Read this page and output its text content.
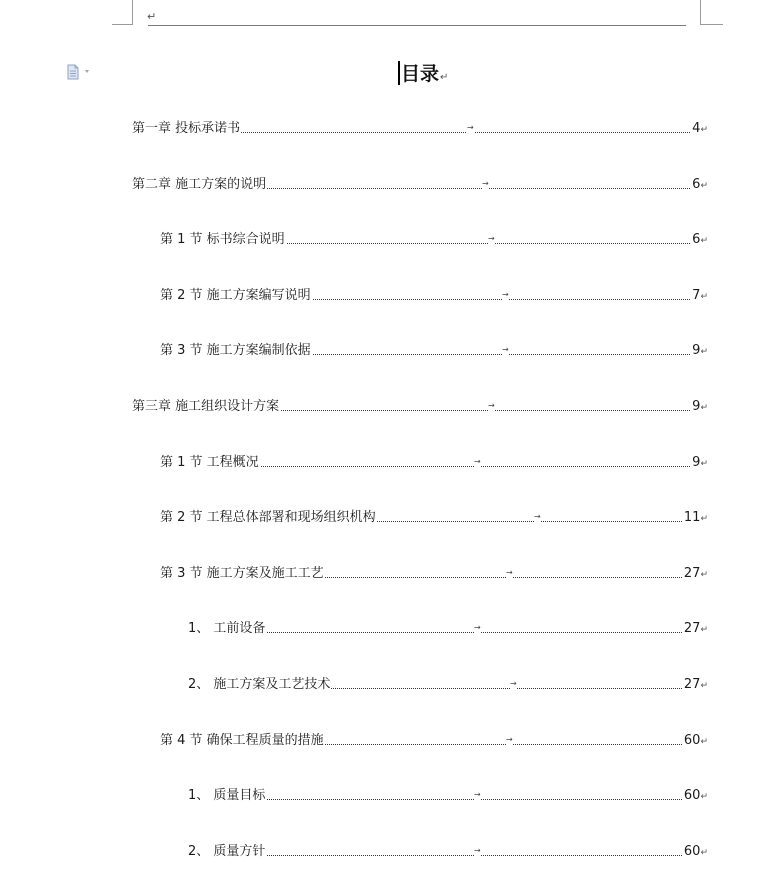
↵
目录↵
第一章 投标承诺书	→	4↵
第二章 施工方案的说明	→	6↵
第 1 节 标书综合说明	→	6↵
第 2 节 施工方案编写说明	→	7↵
第 3 节 施工方案编制依据	→	9↵
第三章 施工组织设计方案	→	9↵
第 1 节 工程概况	→	9↵
第 2 节 工程总体部署和现场组织机构	→	11↵
第 3 节 施工方案及施工工艺	→	27↵
1、 工前设备	→	27↵
2、 施工方案及工艺技术	→	27↵
第 4 节 确保工程质量的措施	→	60↵
1、 质量目标	→	60↵
2、 质量方针	→	60↵
